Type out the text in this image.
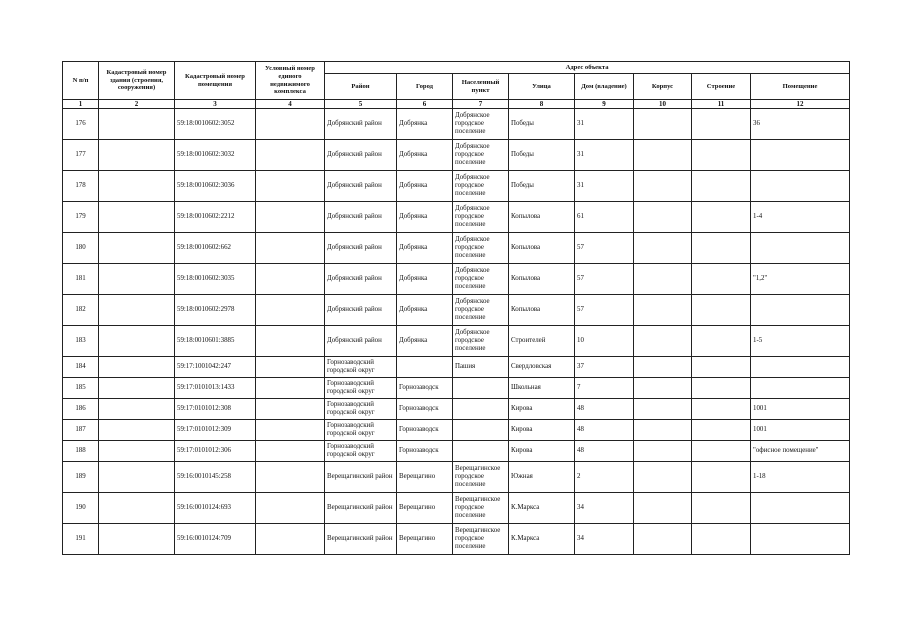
N п/п	Кадастровый номер здания (строения, сооружения)	Кадастровый номер помещения	Условный номер единого недвижимого комплекса	Адрес объекта							
				Район	Город	Населенный пункт	Улица	Дом (владение)	Корпус	Строение	Помещение
1	2	3	4	5	6	7	8	9	10	11	12
176		59:18:0010602:3052		Добрянский район	Добрянка	Добрянское городское поселение	Победы	31			36
177		59:18:0010602:3032		Добрянский район	Добрянка	Добрянское городское поселение	Победы	31			
178		59:18:0010602:3036		Добрянский район	Добрянка	Добрянское городское поселение	Победы	31			
179		59:18:0010602:2212		Добрянский район	Добрянка	Добрянское городское поселение	Копылова	61			1-4
180		59:18:0010602:662		Добрянский район	Добрянка	Добрянское городское поселение	Копылова	57			
181		59:18:0010602:3035		Добрянский район	Добрянка	Добрянское городское поселение	Копылова	57			"1,2"
182		59:18:0010602:2978		Добрянский район	Добрянка	Добрянское городское поселение	Копылова	57			
183		59:18:0010601:3885		Добрянский район	Добрянка	Добрянское городское поселение	Строителей	10			1-5
184		59:17:1001042:247		Горнозаводский городской округ		Пашия	Свердловская	37			
185		59:17:0101013:1433		Горнозаводский городской округ	Горнозаводск		Школьная	7			
186		59:17:0101012:308		Горнозаводский городской округ	Горнозаводск		Кирова	48			1001
187		59:17:0101012:309		Горнозаводский городской округ	Горнозаводск		Кирова	48			1001
188		59:17:0101012:306		Горнозаводский городской округ	Горнозаводск		Кирова	48			"офисное помещение"
189		59:16:0010145:258		Верещагинский район	Верещагино	Верещагинское городское поселение	Южная	2			1-18
190		59:16:0010124:693		Верещагинский район	Верещагино	Верещагинское городское поселение	К.Маркса	34			
191		59:16:0010124:709		Верещагинский район	Верещагино	Верещагинское городское поселение	К.Маркса	34			
